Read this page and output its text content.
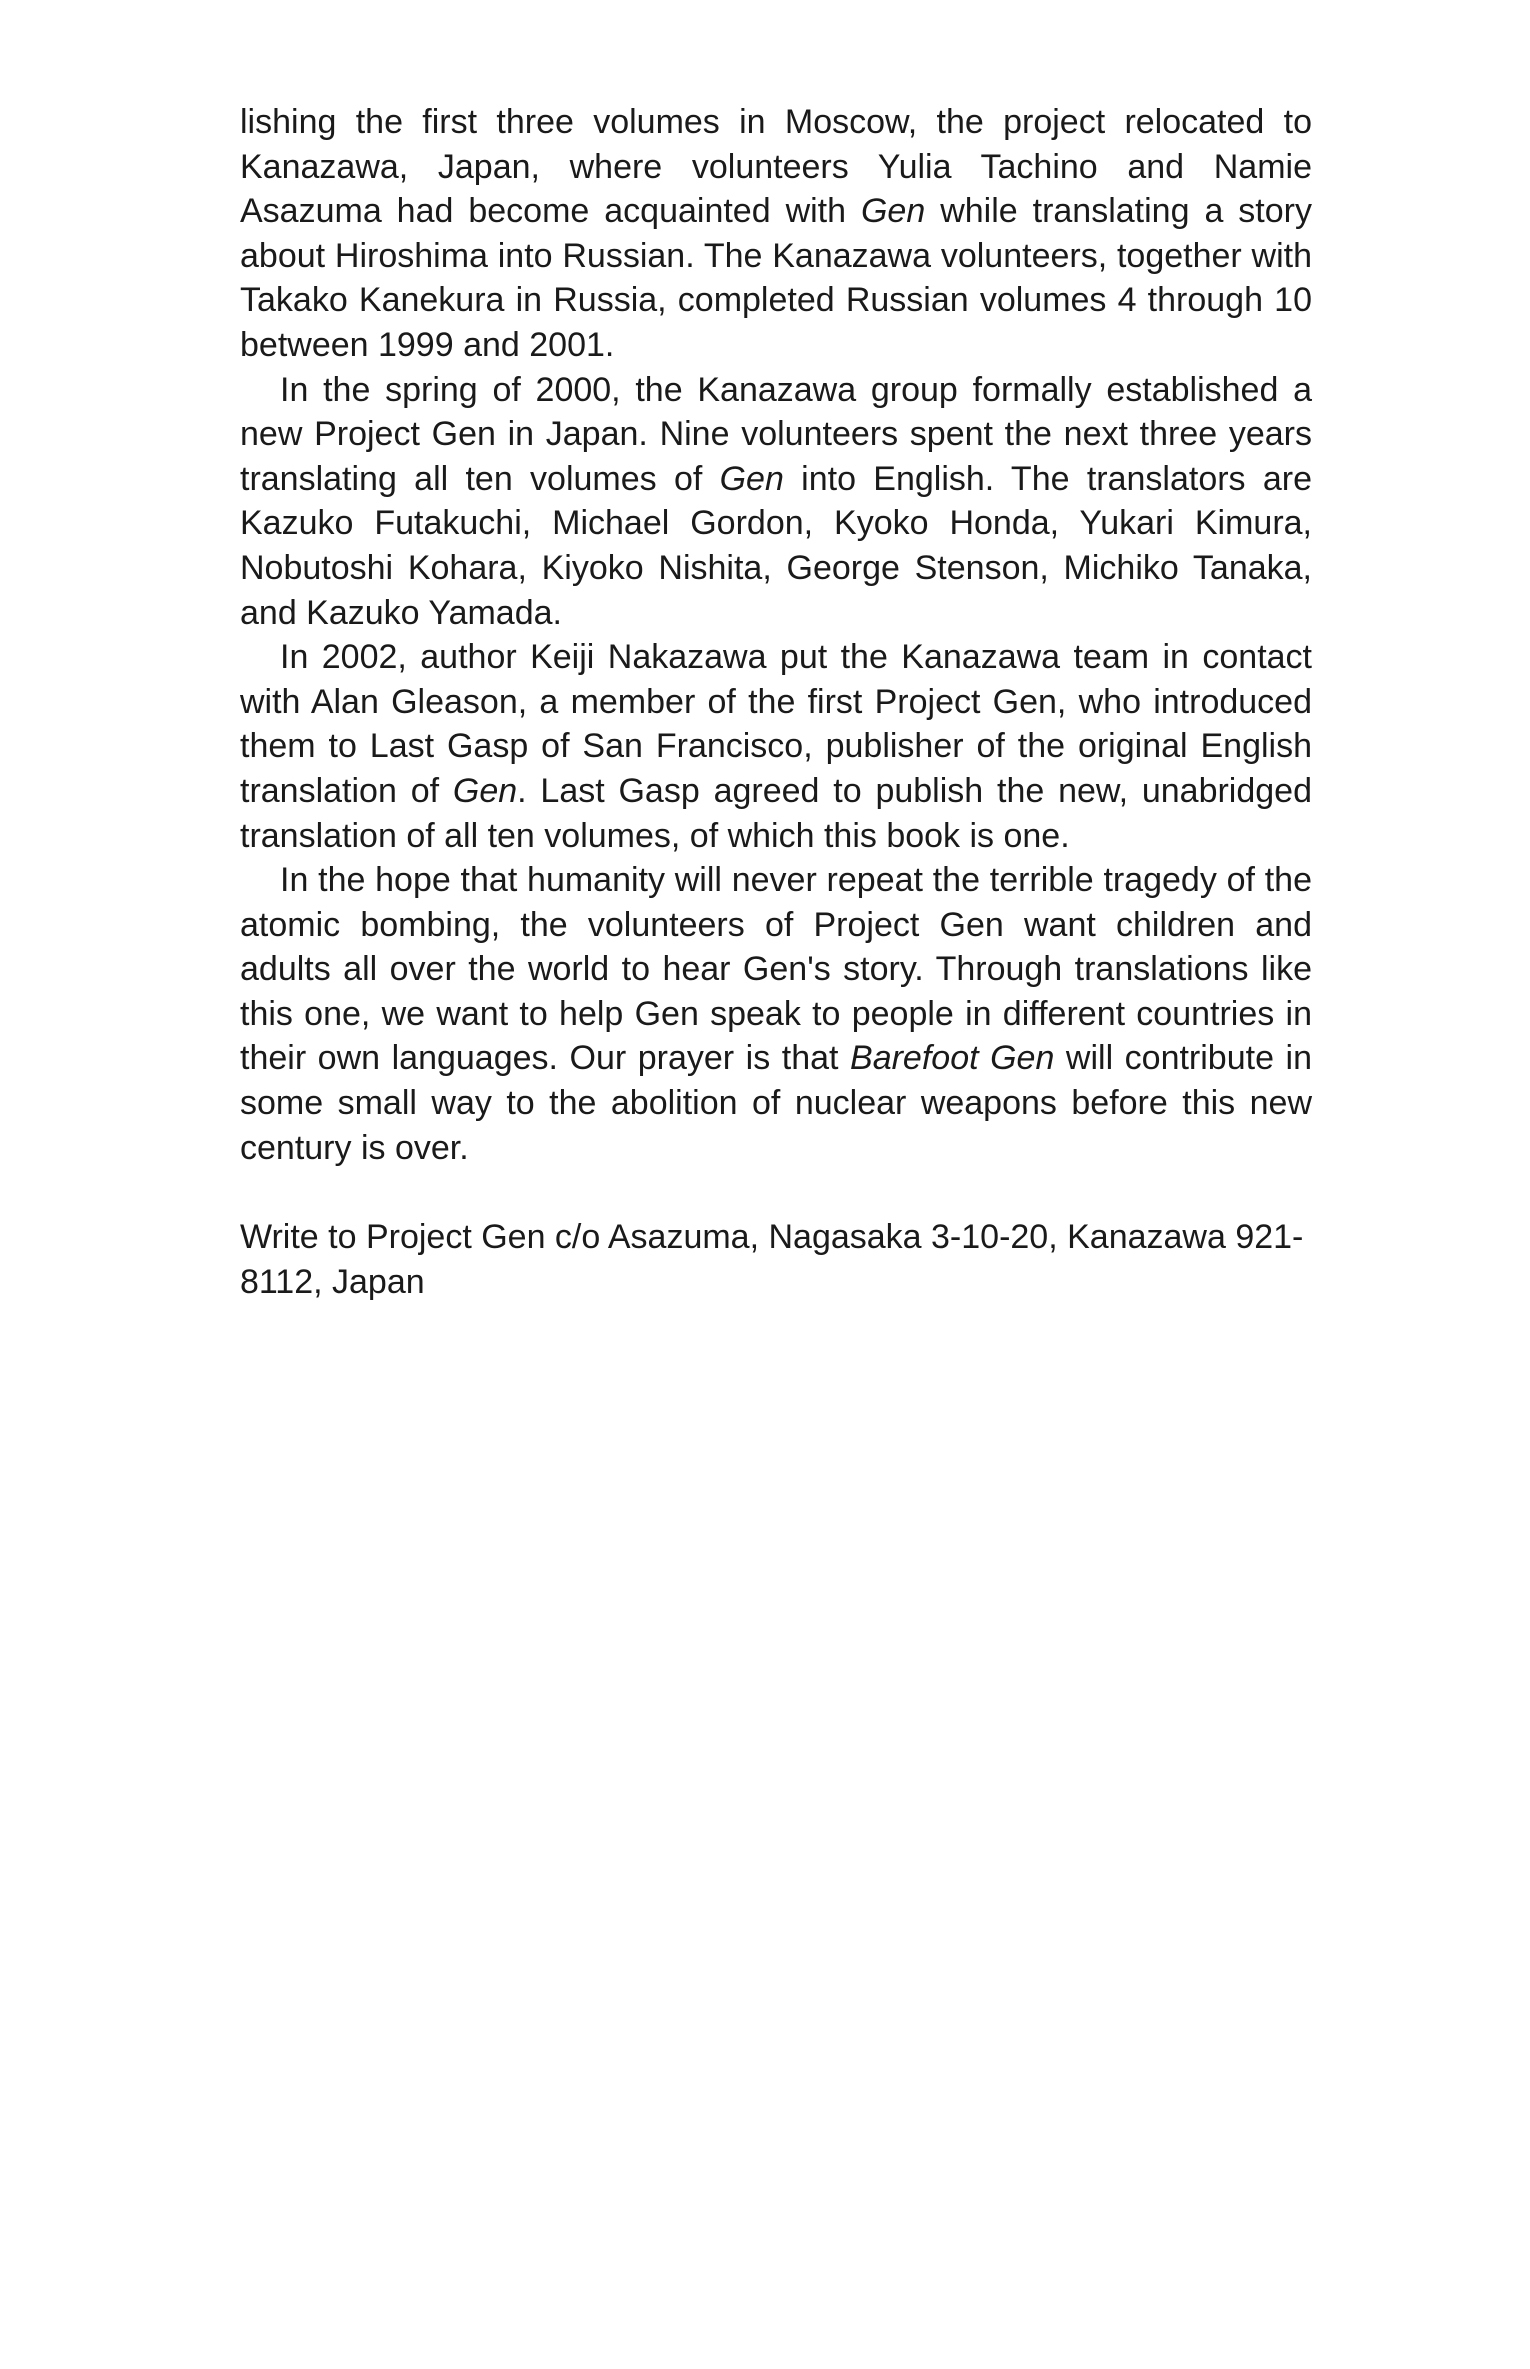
lishing the first three volumes in Moscow, the project relocated to Kanazawa, Japan, where volunteers Yulia Tachino and Namie Asazuma had become acquainted with Gen while translating a story about Hiroshima into Russian. The Kanazawa volunteers, together with Takako Kanekura in Russia, completed Russian volumes 4 through 10 between 1999 and 2001.

In the spring of 2000, the Kanazawa group formally established a new Project Gen in Japan. Nine volunteers spent the next three years translating all ten volumes of Gen into English. The translators are Kazuko Futakuchi, Michael Gordon, Kyoko Honda, Yukari Kimura, Nobutoshi Kohara, Kiyoko Nishita, George Stenson, Michiko Tanaka, and Kazuko Yamada.

In 2002, author Keiji Nakazawa put the Kanazawa team in contact with Alan Gleason, a member of the first Project Gen, who introduced them to Last Gasp of San Francisco, publisher of the original English translation of Gen. Last Gasp agreed to publish the new, unabridged translation of all ten volumes, of which this book is one.

In the hope that humanity will never repeat the terrible tragedy of the atomic bombing, the volunteers of Project Gen want children and adults all over the world to hear Gen's story. Through translations like this one, we want to help Gen speak to people in different countries in their own languages. Our prayer is that Barefoot Gen will contribute in some small way to the abolition of nuclear weapons before this new century is over.

Write to Project Gen c/o Asazuma, Nagasaka 3-10-20, Kanazawa 921-8112, Japan
